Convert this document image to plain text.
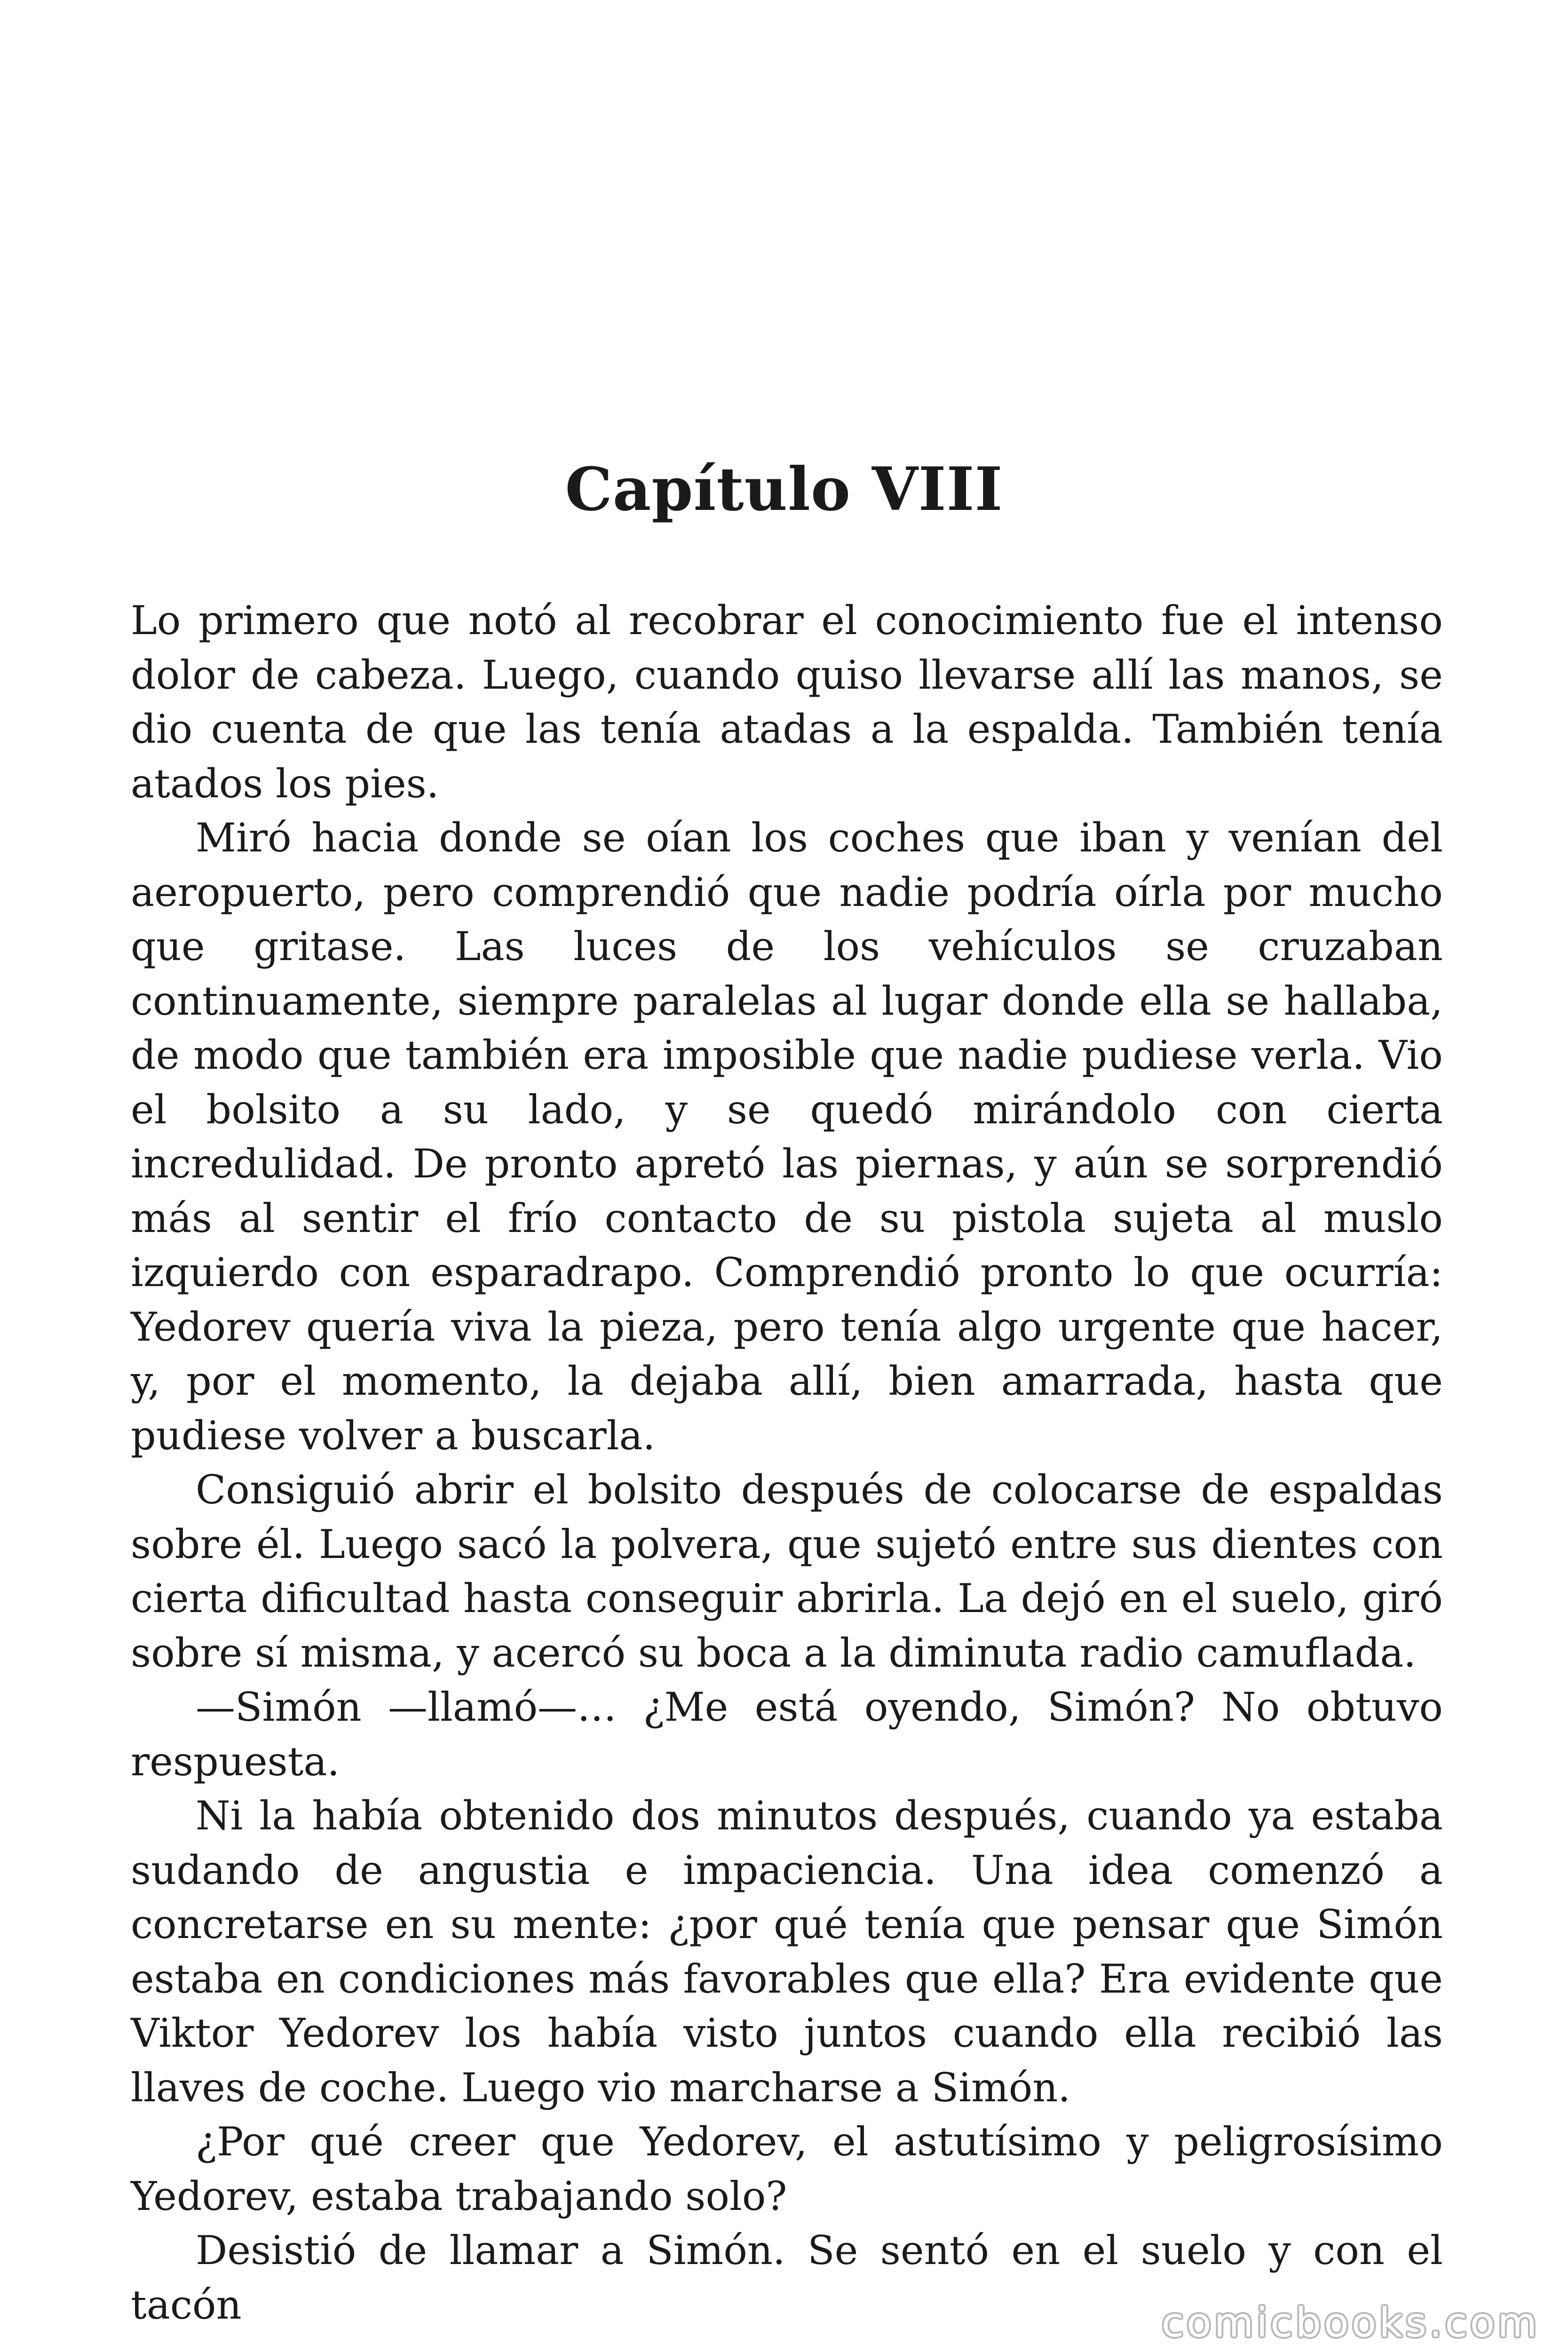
Capítulo VIII

Lo primero que notó al recobrar el conocimiento fue el intenso dolor de cabeza. Luego, cuando quiso llevarse allí las manos, se dio cuenta de que las tenía atadas a la espalda. También tenía atados los pies.

Miró hacia donde se oían los coches que iban y venían del aeropuerto, pero comprendió que nadie podría oírla por mucho que gritase. Las luces de los vehículos se cruzaban continuamente, siempre paralelas al lugar donde ella se hallaba, de modo que también era imposible que nadie pudiese verla. Vio el bolsito a su lado, y se quedó mirándolo con cierta incredulidad. De pronto apretó las piernas, y aún se sorprendió más al sentir el frío contacto de su pistola sujeta al muslo izquierdo con esparadrapo. Comprendió pronto lo que ocurría: Yedorev quería viva la pieza, pero tenía algo urgente que hacer, y, por el momento, la dejaba allí, bien amarrada, hasta que pudiese volver a buscarla.

Consiguió abrir el bolsito después de colocarse de espaldas sobre él. Luego sacó la polvera, que sujetó entre sus dientes con cierta dificultad hasta conseguir abrirla. La dejó en el suelo, giró sobre sí misma, y acercó su boca a la diminuta radio camuflada.

—Simón —llamó—… ¿Me está oyendo, Simón? No obtuvo respuesta.

Ni la había obtenido dos minutos después, cuando ya estaba sudando de angustia e impaciencia. Una idea comenzó a concretarse en su mente: ¿por qué tenía que pensar que Simón estaba en condiciones más favorables que ella? Era evidente que Viktor Yedorev los había visto juntos cuando ella recibió las llaves de coche. Luego vio marcharse a Simón.

¿Por qué creer que Yedorev, el astutísimo y peligrosísimo Yedorev, estaba trabajando solo?

Desistió de llamar a Simón. Se sentó en el suelo y con el tacón	comicbooks.com
